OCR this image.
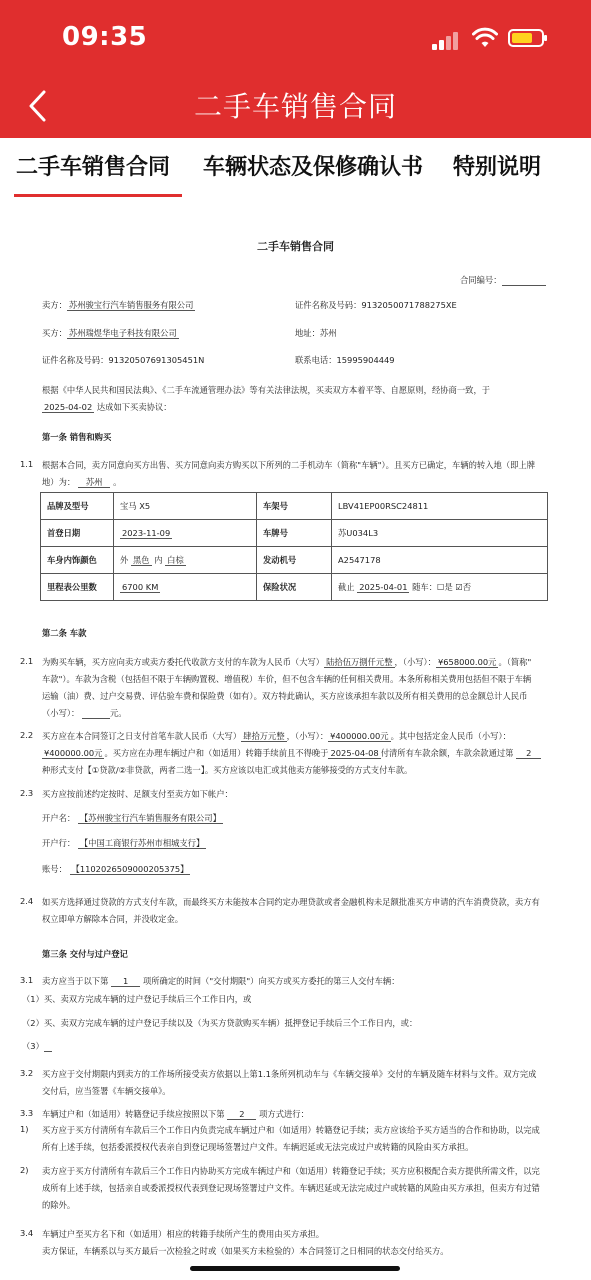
09:35
二手车销售合同
二手车销售合同 车辆状态及保修确认书 特别说明
二手车销售合同
合同编号：
卖方： 苏州骏宝行汽车销售服务有限公司	证件名称及号码：913205007178827​5XE
买方： 苏州瑞煜华电子科技有限公司	地址：苏州
证件名称及号码：91320507691305451N	联系电话：15995904449
根据《中华人民共和国民法典》、《二手车流通管理办法》等有关法律法规，买卖双方本着平等、自愿原则，经协商一致，于
2025-04-02 达成如下买卖协议：
第一条 销售和购买
1.1 根据本合同，卖方同意向买方出售、买方同意向卖方购买以下所列的二手机动车（简称"车辆"）。且买方已确定，车辆的转入地（即上牌
地）为： 苏州 。
品牌及型号	宝马 X5	车架号	LBV41EP00RSC24811
首登日期	2023-11-09	车牌号	苏U034L3
车身内饰颜色	外 黑色 内 白棕	发动机号	A2547178
里程表公里数	6700 KM	保险状况	截止 2025-04-01 随车：☐是 ☑否
第二条 车款
2.1 为购买车辆，买方应向卖方或卖方委托代收款方支付的车款为人民币（大写） 陆拾伍万捌仟元整 ，（小写）： ¥658000.00元 。（简称"
车款"）。车款为含税（包括但不限于车辆购置税、增值税）车价，但不包含车辆的任何相关费用。本条所称相关费用包括但不限于车辆
运输（油）费、过户交易费、评估验车费和保险费（如有）。双方特此确认，买方应该承担车款以及所有相关费用的总金额总计人民币
（小写）：	元。
2.2 买方应在本合同签订之日支付首笔车款人民币（大写） 肆拾万元整 ，（小写）： ¥400000.00元 。其中包括定金人民币（小写）：
¥400000.00元 。买方应在办理车辆过户和（如适用）转籍手续前且不得晚于 2025-04-08 付清所有车款余额，车款余款通过第 2
种形式支付【①贷款/②非贷款，两者二选一】。买方应该以电汇或其他卖方能够接受的方式支付车款。
2.3 买方应按前述约定按时、足额支付至卖方如下帐户：
开户名： 【苏州骏宝行汽车销售服务有限公司】
开户行： 【中国工商银行苏州市相城支行】
账号： 【1102026509000205375】
2.4 如买方选择通过贷款的方式支付车款，而最终买方未能按本合同约定办理贷款或者金融机构未足额批准买方申请的汽车消费贷款，卖方有
权立即单方解除本合同，并没收定金。
第三条 交付与过户登记
3.1 卖方应当于以下第 1 项所确定的时间（"交付期限"）向买方或买方委托的第三人交付车辆：
（1）买、卖双方完成车辆的过户登记手续后三个工作日内，或
（2）买、卖双方完成车辆的过户登记手续以及（为买方贷款购买车辆）抵押登记手续后三个工作日内，或：
（3）
3.2 买方应于交付期限内到卖方的工作场所接受卖方依据以上第1.1条所列机动车与《车辆交接单》交付的车辆及随车材料与文件。双方完成
交付后，应当签署《车辆交接单》。
3.3 车辆过户和（如适用）转籍登记手续应按照以下第 2 项方式进行：
1) 买方应于买方付清所有车款后三个工作日内负责完成车辆过户和（如适用）转籍登记手续；卖方应该给予买方适当的合作和协助，以完成
所有上述手续，包括委派授权代表亲自到登记现场签署过户文件。车辆迟延或无法完成过户或转籍的风险由买方承担。
2) 卖方应于买方付清所有车款后三个工作日内协助买方完成车辆过户和（如适用）转籍登记手续；买方应积极配合卖方提供所需文件，以完
成所有上述手续，包括亲自或委派授权代表到登记现场签署过户文件。车辆迟延或无法完成过户或转籍的风险由买方承担，但卖方有过错
的除外。
3.4 车辆过户至买方名下和（如适用）相应的转籍手续所产生的费用由买方承担。
卖方保证，车辆系以与买方最后一次检验之时或（如果买方未检验的）本合同签订之日相同的状态交付给买方。
